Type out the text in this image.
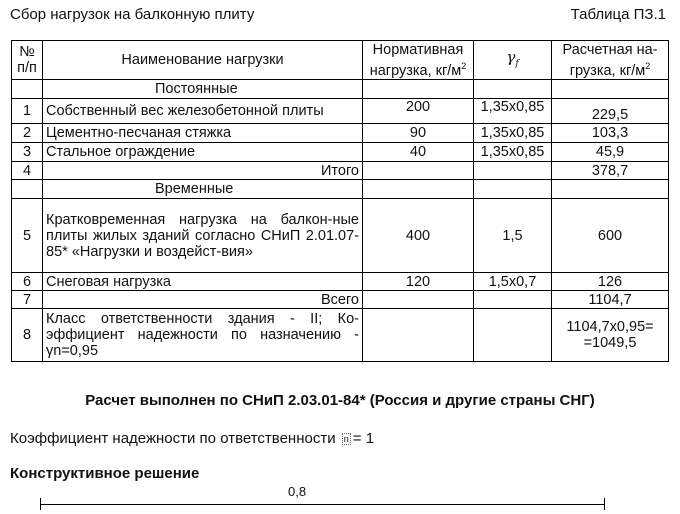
Сбор нагрузок на балконную плиту	Таблица ПЗ.1
№ п/п	Наименование нагрузки	Нормативная нагрузка, $кг/м^2$	$\gamma_f$	Расчетная на-грузка, $кг/м^2$
	Постоянные			
1	Собственный вес железобетонной плиты	200	1,35х0,85	229,5
2	Цементно-песчаная стяжка	90	1,35х0,85	103,3
3	Стальное ограждение	40	1,35х0,85	45,9
4	Итого			378,7
	Временные			
5	Кратковременная нагрузка на балкон-ные плиты жилых зданий согласно СНиП 2.01.07-85* «Нагрузки и воздейст-вия»	400	1,5	600
6	Снеговая нагрузка	120	1,5х0,7	126
7	Всего			1104,7
8	Класс ответственности здания - II; Ко-эффициент надежности по назначению - γn=0,95			1104,7х0,95=
=1049,5
Расчет выполнен по СНиП 2.03.01-84* (Россия и другие страны СНГ)
Коэффициент надежности по ответственности n = 1
Конструктивное решение
0,8
